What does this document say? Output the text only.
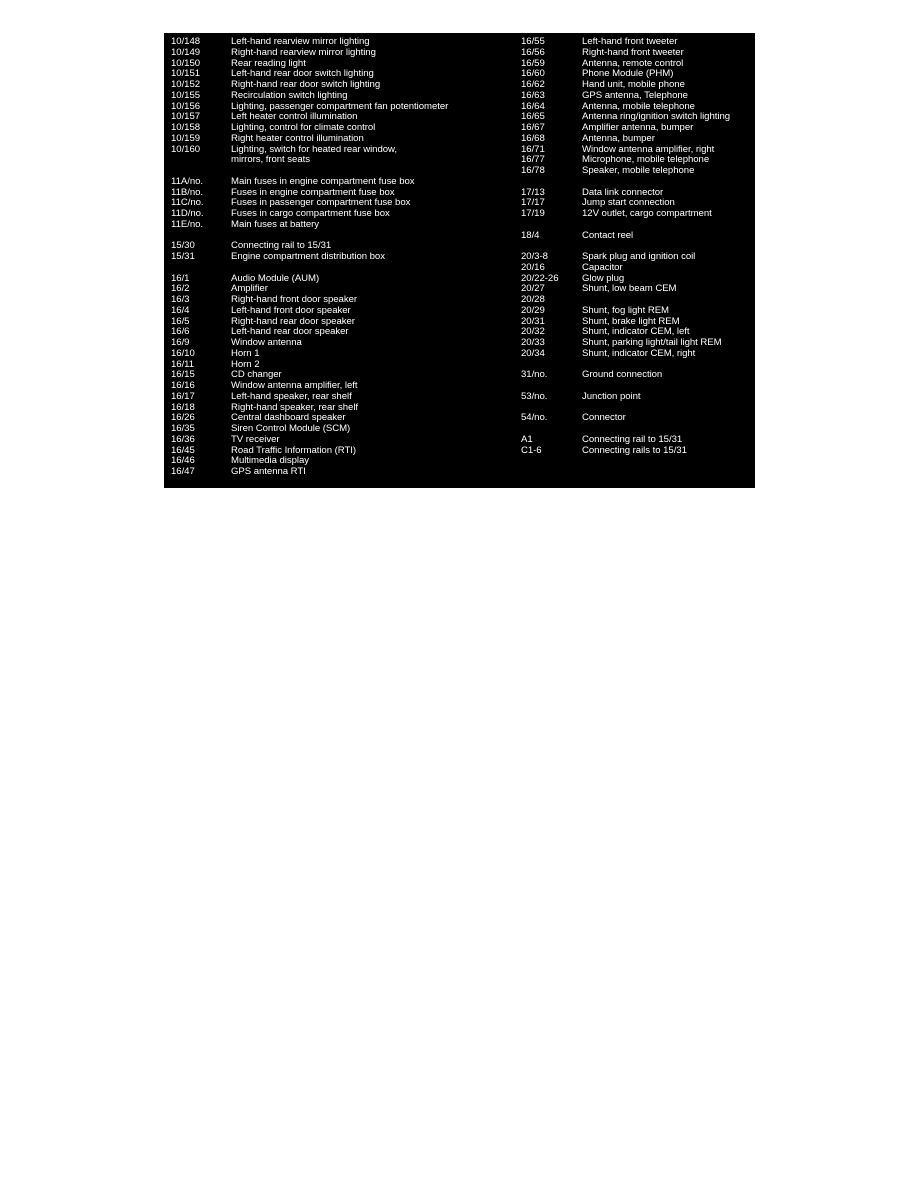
10/148	Left-hand rearview mirror lighting
10/149	Right-hand rearview mirror lighting
10/150	Rear reading light
10/151	Left-hand rear door switch lighting
10/152	Right-hand rear door switch lighting
10/155	Recirculation switch lighting
10/156	Lighting, passenger compartment fan potentiometer
10/157	Left heater control illumination
10/158	Lighting, control for climate control
10/159	Right heater control illumination
10/160	Lighting, switch for heated rear window,
mirrors, front seats
11A/no.	Main fuses in engine compartment fuse box
11B/no.	Fuses in engine compartment fuse box
11C/no.	Fuses in passenger compartment fuse box
11D/no.	Fuses in cargo compartment fuse box
11E/no.	Main fuses at battery
15/30	Connecting rail to 15/31
15/31	Engine compartment distribution box
16/1	Audio Module (AUM)
16/2	Amplifier
16/3	Right-hand front door speaker
16/4	Left-hand front door speaker
16/5	Right-hand rear door speaker
16/6	Left-hand rear door speaker
16/9	Window antenna
16/10	Horn 1
16/11	Horn 2
16/15	CD changer
16/16	Window antenna amplifier, left
16/17	Left-hand speaker, rear shelf
16/18	Right-hand speaker, rear shelf
16/26	Central dashboard speaker
16/35	Siren Control Module (SCM)
16/36	TV receiver
16/45	Road Traffic Information (RTI)
16/46	Multimedia display
16/47	GPS antenna RTI
16/55	Left-hand front tweeter
16/56	Right-hand front tweeter
16/59	Antenna, remote control
16/60	Phone Module (PHM)
16/62	Hand unit, mobile phone
16/63	GPS antenna, Telephone
16/64	Antenna, mobile telephone
16/65	Antenna ring/ignition switch lighting
16/67	Amplifier antenna, bumper
16/68	Antenna, bumper
16/71	Window antenna amplifier, right
16/77	Microphone, mobile telephone
16/78	Speaker, mobile telephone
17/13	Data link connector
17/17	Jump start connection
17/19	12V outlet, cargo compartment
18/4	Contact reel
20/3-8	Spark plug and ignition coil
20/16	Capacitor
20/22-26 Glow plug
20/27	Shunt, low beam CEM
20/28
20/29	Shunt, fog light REM
20/31	Shunt, brake light REM
20/32	Shunt, indicator CEM, left
20/33	Shunt, parking light/tail light REM
20/34	Shunt, indicator CEM, right
31/no.	Ground connection
53/no.	Junction point
54/no.	Connector
A1	Connecting rail to 15/31
C1-6	Connecting rails to 15/31
